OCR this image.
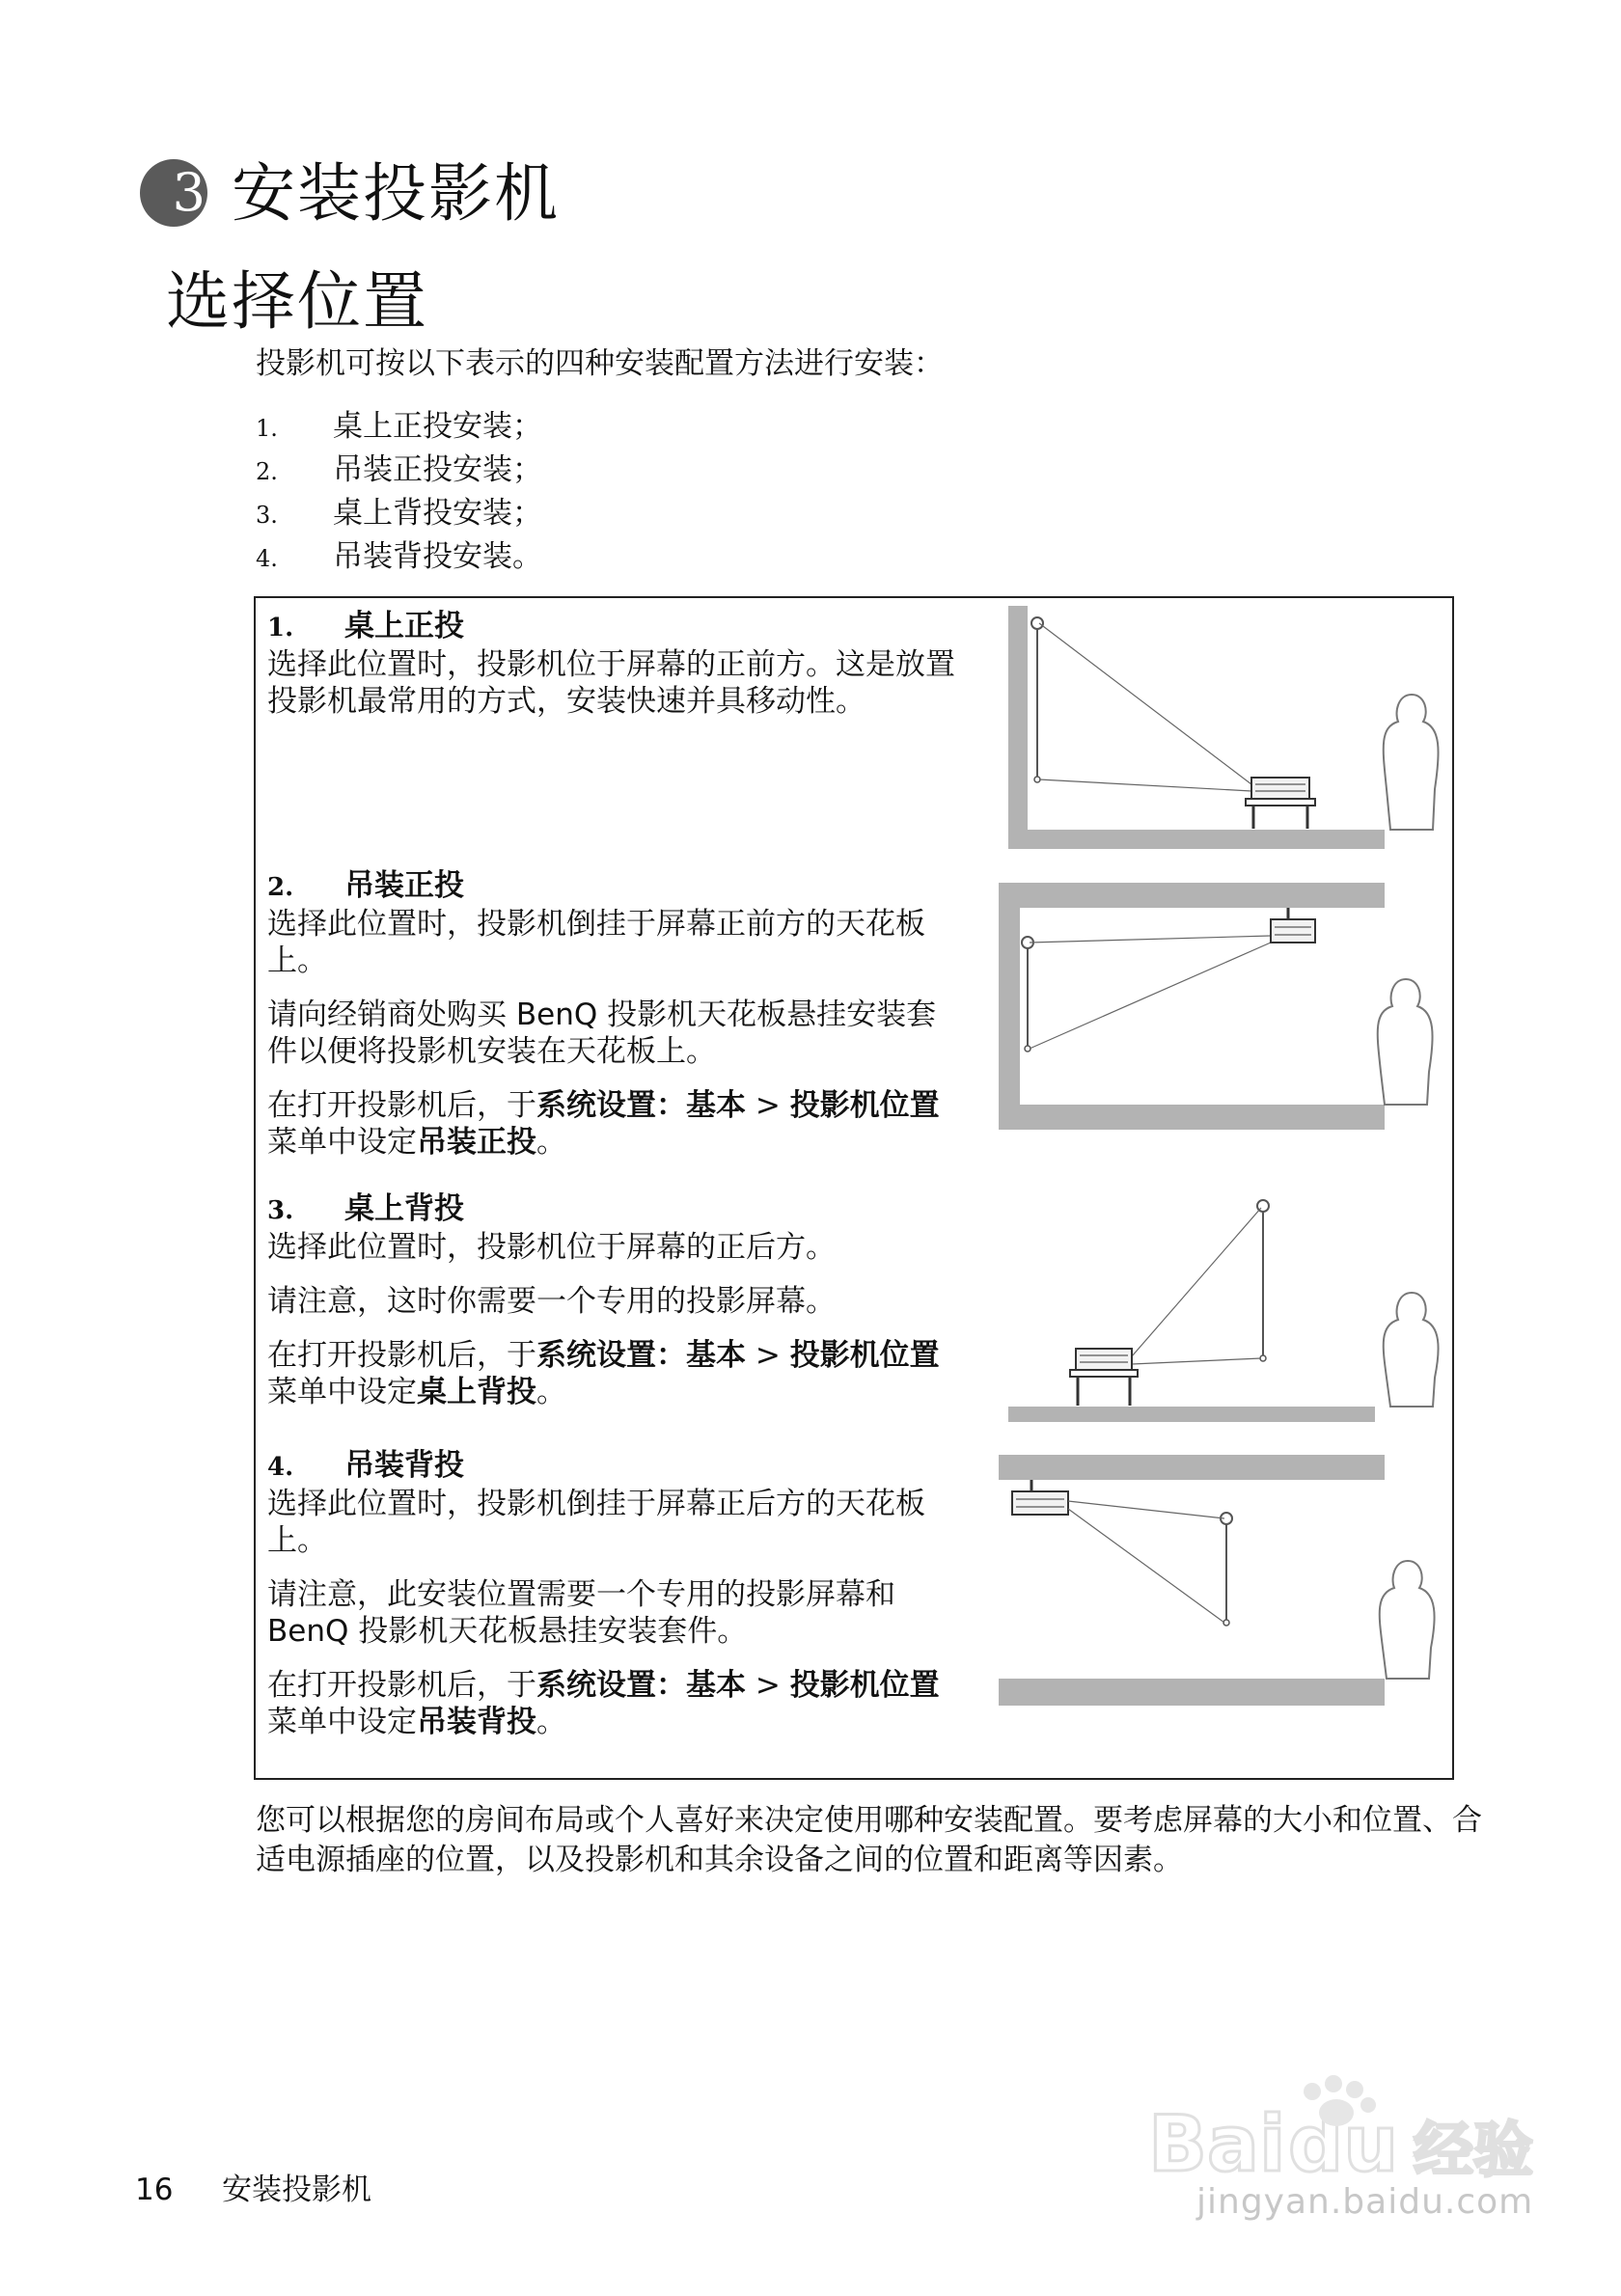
3 安装投影机
选择位置
投影机可按以下表示的四种安装配置方法进行安装：
1. 桌上正投安装；
2. 吊装正投安装；
3. 桌上背投安装；
4. 吊装背投安装。
1. 桌上正投

选择此位置时，投影机位于屏幕的正前方。这是放置投影机最常用的方式，安装快速并具移动性。

2. 吊装正投

选择此位置时，投影机倒挂于屏幕正前方的天花板上。

请向经销商处购买 BenQ 投影机天花板悬挂安装套件以便将投影机安装在天花板上。

在打开投影机后，于系统设置：基本 > 投影机位置菜单中设定吊装正投。

3. 桌上背投

选择此位置时，投影机位于屏幕的正后方。

请注意，这时你需要一个专用的投影屏幕。

在打开投影机后，于系统设置：基本 > 投影机位置菜单中设定桌上背投。

4. 吊装背投

选择此位置时，投影机倒挂于屏幕正后方的天花板上。

请注意，此安装位置需要一个专用的投影屏幕和 BenQ 投影机天花板悬挂安装套件。

在打开投影机后，于系统设置：基本 > 投影机位置菜单中设定吊装背投。

您可以根据您的房间布局或个人喜好来决定使用哪种安装配置。要考虑屏幕的大小和位置、合适电源插座的位置，以及投影机和其余设备之间的位置和距离等因素。
16 安装投影机
Bai du 经验
jingyan.baidu.com
